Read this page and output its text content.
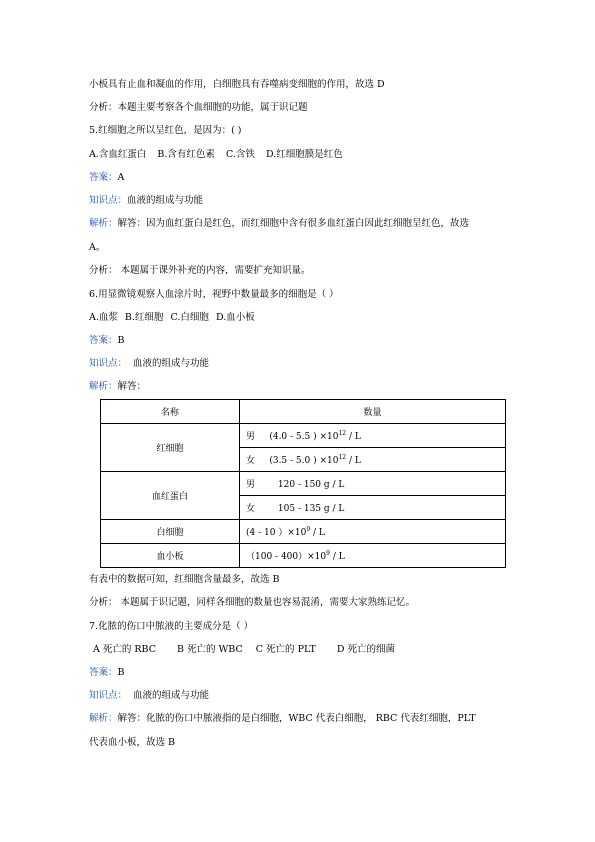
小板具有止血和凝血的作用，白细胞具有吞噬病变细胞的作用，故选 D
分析：本题主要考察各个血细胞的功能，属于识记题
5.红细胞之所以呈红色，是因为：( )
A.含血红蛋白 B.含有红色素 C.含铁 D.红细胞膜是红色
答案：A
知识点：血液的组成与功能
解析：解答：因为血红蛋白是红色，而红细胞中含有很多血红蛋白因此红细胞呈红色，故选
A。
分析： 本题属于课外补充的内容，需要扩充知识量。
6.用显微镜观察人血涂片时，视野中数量最多的细胞是（ ）
A.血浆 B.红细胞 C.白细胞 D.血小板
答案：B
知识点： 血液的组成与功能
解析：解答：
名称	数量
红细胞	男 (4.0 - 5.5 ) $\times 10^{12} / L$
	女 (3.5 - 5.0 ) $\times 10^{12} / L$
血红蛋白	男 120 - 150 g / L
	女 105 - 135 g / L
白细胞	(4 - 10 ）$\times 10^9 / L$
血小板	$(100 - 400)\times 10^9 / L$
有表中的数据可知，红细胞含量最多，故选 B
分析： 本题属于识记题，同样各细胞的数量也容易混淆，需要大家熟练记忆。
7.化脓的伤口中脓液的主要成分是（ ）
A 死亡的 RBC B 死亡的 WBC C 死亡的 PLT D 死亡的细菌
答案：B
知识点： 血液的组成与功能
解析：解答：化脓的伤口中脓液指的是白细胞，WBC 代表白细胞， RBC 代表红细胞，PLT
代表血小板，故选 B
